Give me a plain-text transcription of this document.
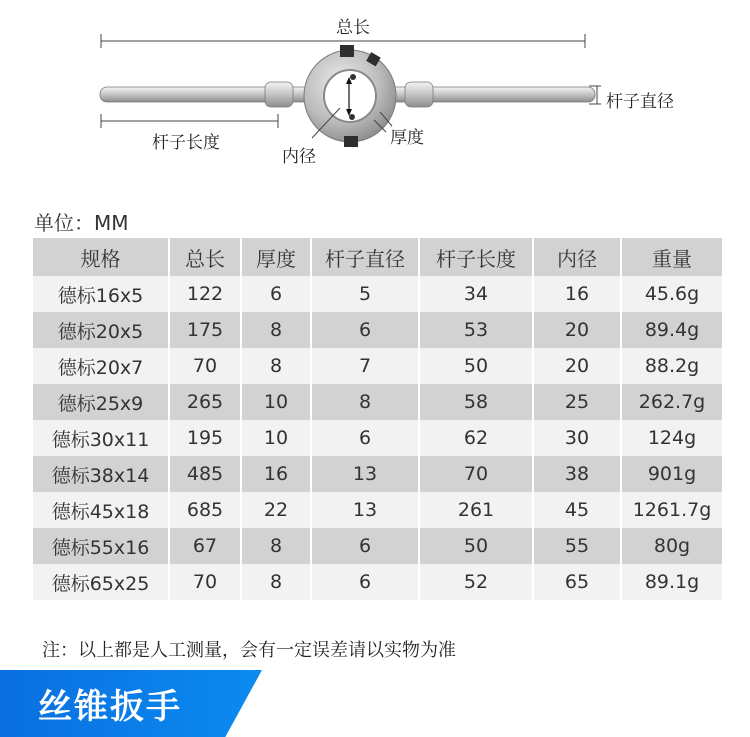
总长
杆子直径
杆子长度	厚度
内径
单位：MM
规格	总长	厚度	杆子直径	杆子长度	内径	重量
德标16x5	122	6	5	34	16	45.6g
德标20x5	175	8	6	53	20	89.4g
德标20x7	70	8	7	50	20	88.2g
德标25x9	265	10	8	58	25	262.7g
德标30x11	195	10	6	62	30	124g
德标38x14	485	16	13	70	38	901g
德标45x18	685	22	13	261	45	1261.7g
德标55x16	67	8	6	50	55	80g
德标65x25	70	8	6	52	65	89.1g
注：以上都是人工测量，会有一定误差请以实物为准
丝锥扳手
